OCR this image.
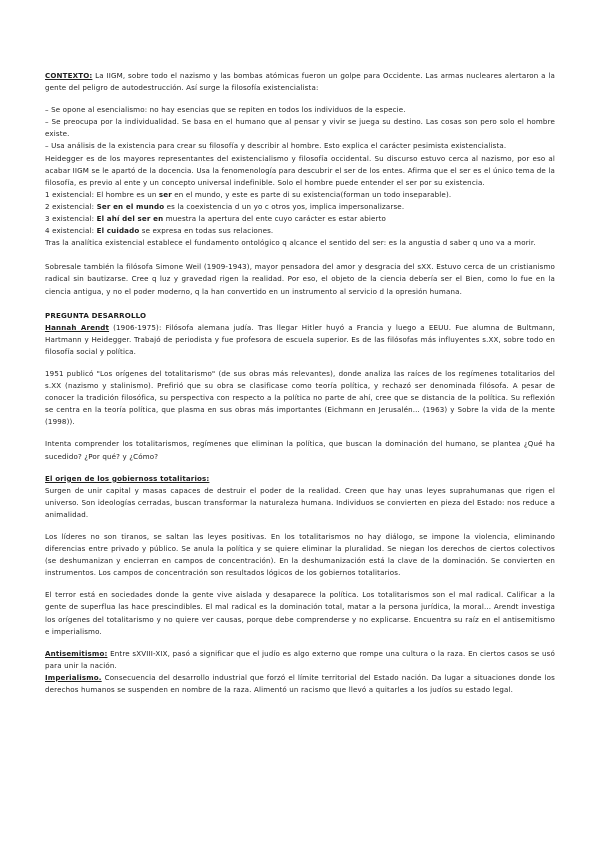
CONTEXTO: La IIGM, sobre todo el nazismo y las bombas atómicas fueron un golpe para Occidente. Las armas nucleares alertaron a la gente del peligro de autodestrucción. Así surge la filosofía existencialista:

– Se opone al esencialismo: no hay esencias que se repiten en todos los individuos de la especie.

– Se preocupa por la individualidad. Se basa en el humano que al pensar y vivir se juega su destino. Las cosas son pero solo el hombre existe.

– Usa análisis de la existencia para crear su filosofía y describir al hombre. Esto explica el carácter pesimista existencialista.

Heidegger es de los mayores representantes del existencialismo y filosofía occidental. Su discurso estuvo cerca al nazismo, por eso al acabar IIGM se le apartó de la docencia. Usa la fenomenología para descubrir el ser de los entes. Afirma que el ser es el único tema de la filosofía, es previo al ente y un concepto universal indefinible. Solo el hombre puede entender el ser por su existencia.

1 existencial: El hombre es un ser en el mundo, y este es parte di su existencia(forman un todo inseparable).

2 existencial: Ser en el mundo es la coexistencia d un yo c otros yos, implica impersonalizarse.

3 existencial: El ahí del ser en muestra la apertura del ente cuyo carácter es estar abierto

4 existencial: El cuidado se expresa en todas sus relaciones.

Tras la analítica existencial establece el fundamento ontológico q alcance el sentido del ser: es la angustia d saber q uno va a morir.

Sobresale también la filósofa Simone Weil (1909-1943), mayor pensadora del amor y desgracia del sXX. Estuvo cerca de un cristianismo radical sin bautizarse. Cree q luz y gravedad rigen la realidad. Por eso, el objeto de la ciencia debería ser el Bien, como lo fue en la ciencia antigua, y no el poder moderno, q la han convertido en un instrumento al servicio d la opresión humana.

PREGUNTA DESARROLLO

Hannah Arendt (1906-1975): Filósofa alemana judía. Tras llegar Hitler huyó a Francia y luego a EEUU. Fue alumna de Bultmann, Hartmann y Heidegger. Trabajó de periodista y fue profesora de escuela superior. Es de las filósofas más influyentes s.XX, sobre todo en filosofía social y política.

1951 publicó "Los orígenes del totalitarismo" (de sus obras más relevantes), donde analiza las raíces de los regímenes totalitarios del s.XX (nazismo y stalinismo). Prefirió que su obra se clasificase como teoría política, y rechazó ser denominada filósofa. A pesar de conocer la tradición filosófica, su perspectiva con respecto a la política no parte de ahí, cree que se distancia de la política. Su reflexión se centra en la teoría política, que plasma en sus obras más importantes (Eichmann en Jerusalén... (1963) y Sobre la vida de la mente (1998)).

Intenta comprender los totalitarismos, regímenes que eliminan la política, que buscan la dominación del humano, se plantea ¿Qué ha sucedido? ¿Por qué? y ¿Cómo?

El origen de los gobiernoss totalitarios:

Surgen de unir capital y masas capaces de destruir el poder de la realidad. Creen que hay unas leyes suprahumanas que rigen el universo. Son ideologías cerradas, buscan transformar la naturaleza humana. Individuos se convierten en pieza del Estado: nos reduce a animalidad.

Los líderes no son tiranos, se saltan las leyes positivas. En los totalitarismos no hay diálogo, se impone la violencia, eliminando diferencias entre privado y público. Se anula la política y se quiere eliminar la pluralidad. Se niegan los derechos de ciertos colectivos (se deshumanizan y encierran en campos de concentración). En la deshumanización está la clave de la dominación. Se convierten en instrumentos. Los campos de concentración son resultados lógicos de los gobiernos totalitarios.

El terror está en sociedades donde la gente vive aislada y desaparece la política. Los totalitarismos son el mal radical. Calificar a la gente de superflua las hace prescindibles. El mal radical es la dominación total, matar a la persona jurídica, la moral... Arendt investiga los orígenes del totalitarismo y no quiere ver causas, porque debe comprenderse y no explicarse. Encuentra su raíz en el antisemitismo e imperialismo.

Antisemitismo: Entre sXVIII-XIX, pasó a significar que el judío es algo externo que rompe una cultura o la raza. En ciertos casos se usó para unir la nación.

Imperialismo. Consecuencia del desarrollo industrial que forzó el límite territorial del Estado nación. Da lugar a situaciones donde los derechos humanos se suspenden en nombre de la raza. Alimentó un racismo que llevó a quitarles a los judíos su estado legal.
